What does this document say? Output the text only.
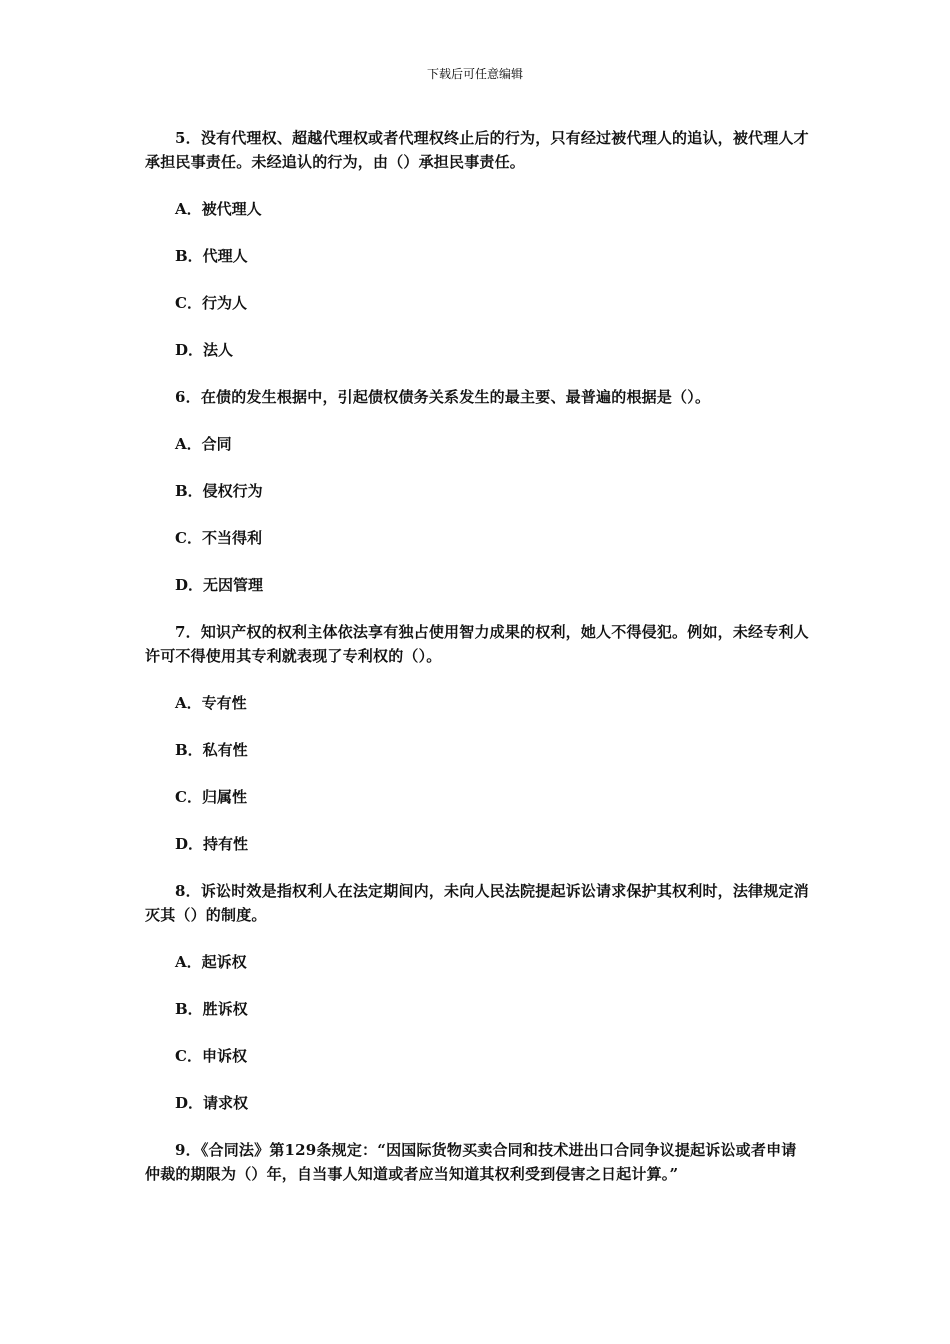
下载后可任意编辑

5．没有代理权、超越代理权或者代理权终止后的行为，只有经过被代理人的追认，被代理人才承担民事责任。未经追认的行为，由（）承担民事责任。

A．被代理人

B．代理人

C．行为人

D．法人

6．在债的发生根据中，引起债权债务关系发生的最主要、最普遍的根据是（）。

A．合同

B．侵权行为

C．不当得利

D．无因管理

7．知识产权的权利主体依法享有独占使用智力成果的权利，她人不得侵犯。例如，未经专利人许可不得使用其专利就表现了专利权的（）。

A．专有性

B．私有性

C．归属性

D．持有性

8．诉讼时效是指权利人在法定期间内，未向人民法院提起诉讼请求保护其权利时，法律规定消灭其（）的制度。

A．起诉权

B．胜诉权

C．申诉权

D．请求权

9．《合同法》第129条规定：“因国际货物买卖合同和技术进出口合同争议提起诉讼或者申请仲裁的期限为（）年，自当事人知道或者应当知道其权利受到侵害之日起计算。”
